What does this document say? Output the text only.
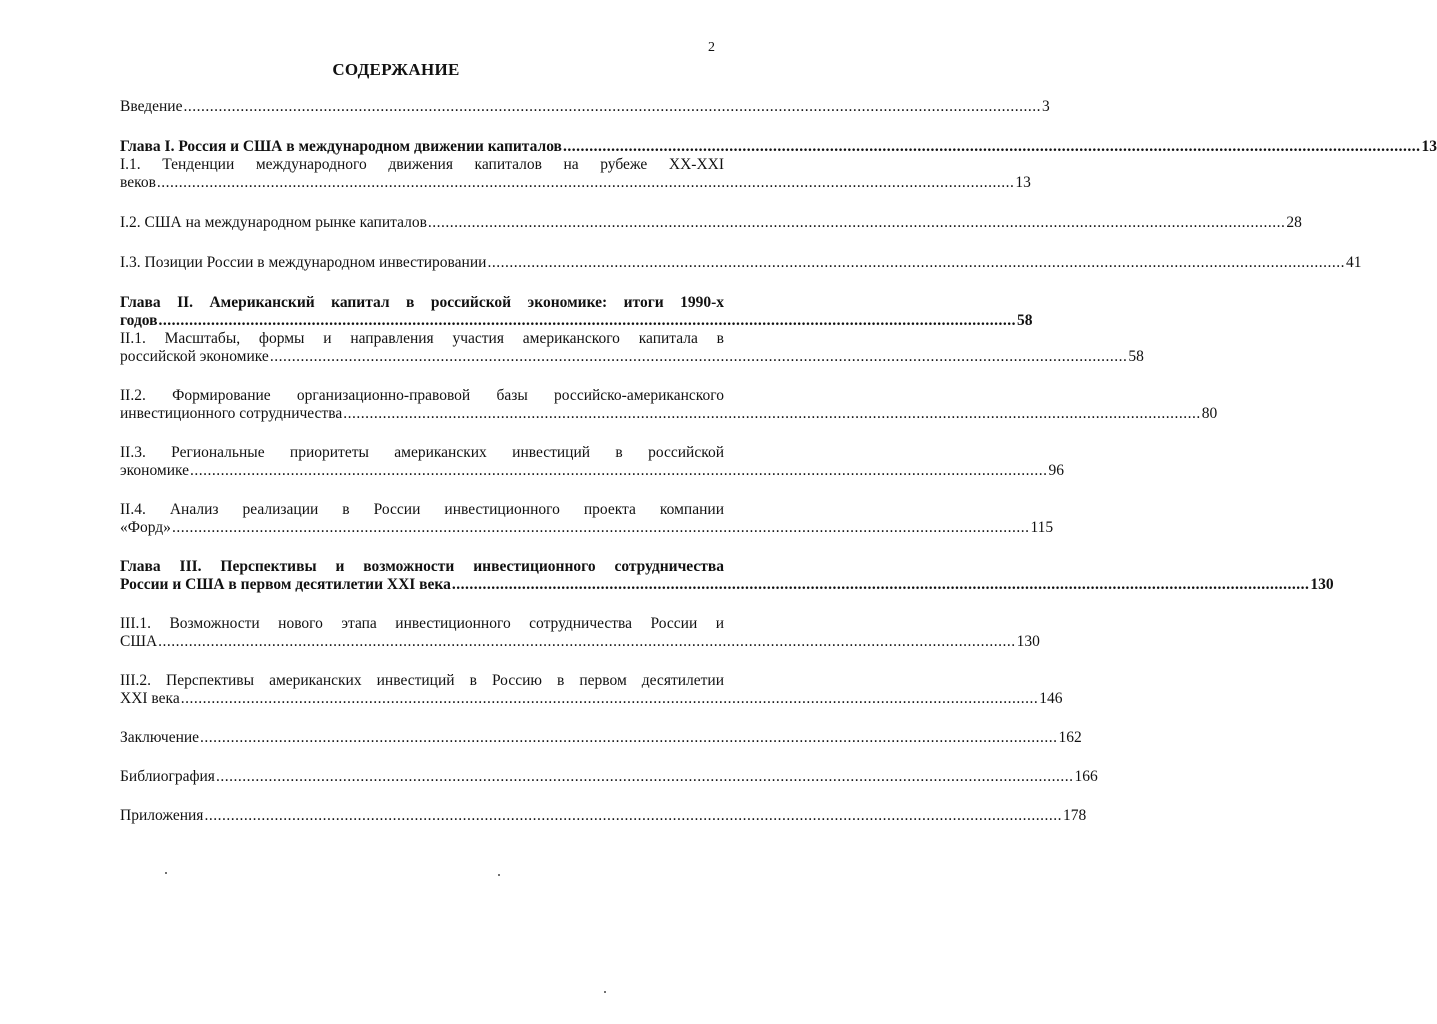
2
СОДЕРЖАНИЕ
Введение .................................................................................................................................................................................................... 3
Глава I. Россия и США в международном движении капиталов .................................................................................................................................................................................................... 13
I.1. Тенденции международного движения капиталов на рубеже XX-XXI
веков .................................................................................................................................................................................................... 13
I.2. США на международном рынке капиталов .................................................................................................................................................................................................... 28
I.3. Позиции России в международном инвестировании .................................................................................................................................................................................................... 41
Глава II. Американский капитал в российской экономике: итоги 1990-х
годов .................................................................................................................................................................................................... 58
II.1. Масштабы, формы и направления участия американского капитала в
российской экономике .................................................................................................................................................................................................... 58
II.2. Формирование организационно-правовой базы российско-американского
инвестиционного сотрудничества .................................................................................................................................................................................................... 80
II.3. Региональные приоритеты американских инвестиций в российской
экономике .................................................................................................................................................................................................... 96
II.4. Анализ реализации в России инвестиционного проекта компании
«Форд» .................................................................................................................................................................................................... 115
Глава III. Перспективы и возможности инвестиционного сотрудничества
России и США в первом десятилетии XXI века .................................................................................................................................................................................................... 130
III.1. Возможности нового этапа инвестиционного сотрудничества России и
США .................................................................................................................................................................................................... 130
III.2. Перспективы американских инвестиций в Россию в первом десятилетии
XXI века .................................................................................................................................................................................................... 146
Заключение .................................................................................................................................................................................................... 162
Библиография .................................................................................................................................................................................................... 166
Приложения .................................................................................................................................................................................................... 178
